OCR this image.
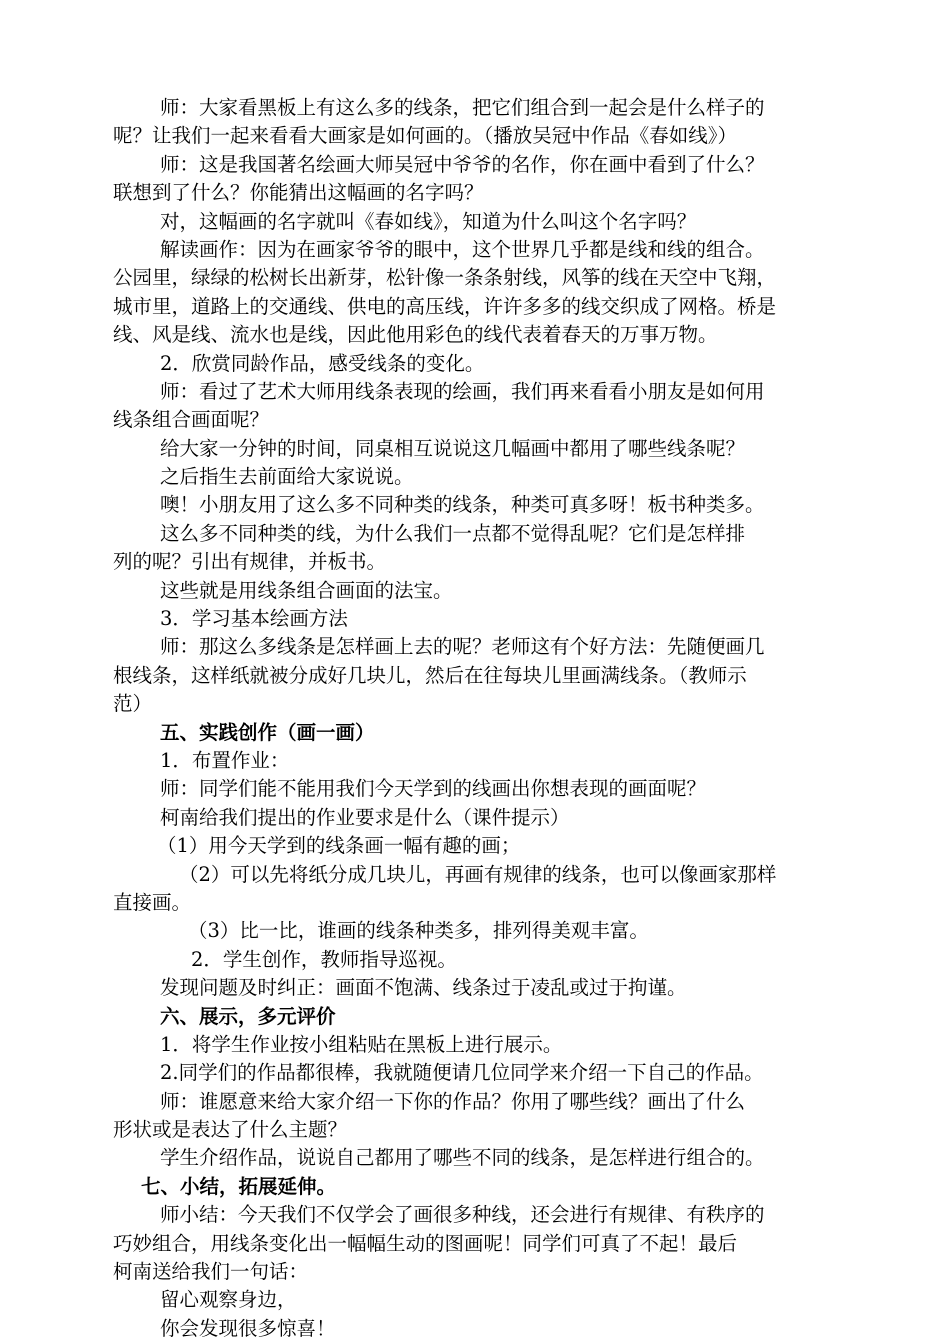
师：大家看黑板上有这么多的线条，把它们组合到一起会是什么样子的
呢？让我们一起来看看大画家是如何画的。（播放吴冠中作品《春如线》）
师：这是我国著名绘画大师吴冠中爷爷的名作，你在画中看到了什么？
联想到了什么？你能猜出这幅画的名字吗？
对，这幅画的名字就叫《春如线》，知道为什么叫这个名字吗？
解读画作：因为在画家爷爷的眼中，这个世界几乎都是线和线的组合。
公园里，绿绿的松树长出新芽，松针像一条条射线，风筝的线在天空中飞翔，
城市里，道路上的交通线、供电的高压线，许许多多的线交织成了网格。桥是
线、风是线、流水也是线，因此他用彩色的线代表着春天的万事万物。
2．欣赏同龄作品，感受线条的变化。
师：看过了艺术大师用线条表现的绘画，我们再来看看小朋友是如何用
线条组合画面呢？
给大家一分钟的时间，同桌相互说说这几幅画中都用了哪些线条呢？
之后指生去前面给大家说说。
噢！小朋友用了这么多不同种类的线条，种类可真多呀！板书种类多。
这么多不同种类的线，为什么我们一点都不觉得乱呢？它们是怎样排
列的呢？引出有规律，并板书。
这些就是用线条组合画面的法宝。
3．学习基本绘画方法
师：那这么多线条是怎样画上去的呢？老师这有个好方法：先随便画几
根线条，这样纸就被分成好几块儿，然后在往每块儿里画满线条。（教师示
范）
五、实践创作（画一画）
1．布置作业：
师：同学们能不能用我们今天学到的线画出你想表现的画面呢？
柯南给我们提出的作业要求是什么（课件提示）
（1）用今天学到的线条画一幅有趣的画；
（2）可以先将纸分成几块儿，再画有规律的线条，也可以像画家那样
直接画。
（3）比一比，谁画的线条种类多，排列得美观丰富。
2．学生创作，教师指导巡视。
发现问题及时纠正：画面不饱满、线条过于凌乱或过于拘谨。
六、展示，多元评价
1．将学生作业按小组粘贴在黑板上进行展示。
2.同学们的作品都很棒，我就随便请几位同学来介绍一下自己的作品。
师：谁愿意来给大家介绍一下你的作品？你用了哪些线？画出了什么
形状或是表达了什么主题？
学生介绍作品，说说自己都用了哪些不同的线条，是怎样进行组合的。
七、小结，拓展延伸。
师小结：今天我们不仅学会了画很多种线，还会进行有规律、有秩序的
巧妙组合，用线条变化出一幅幅生动的图画呢！同学们可真了不起！最后
柯南送给我们一句话：
留心观察身边，
你会发现很多惊喜！
